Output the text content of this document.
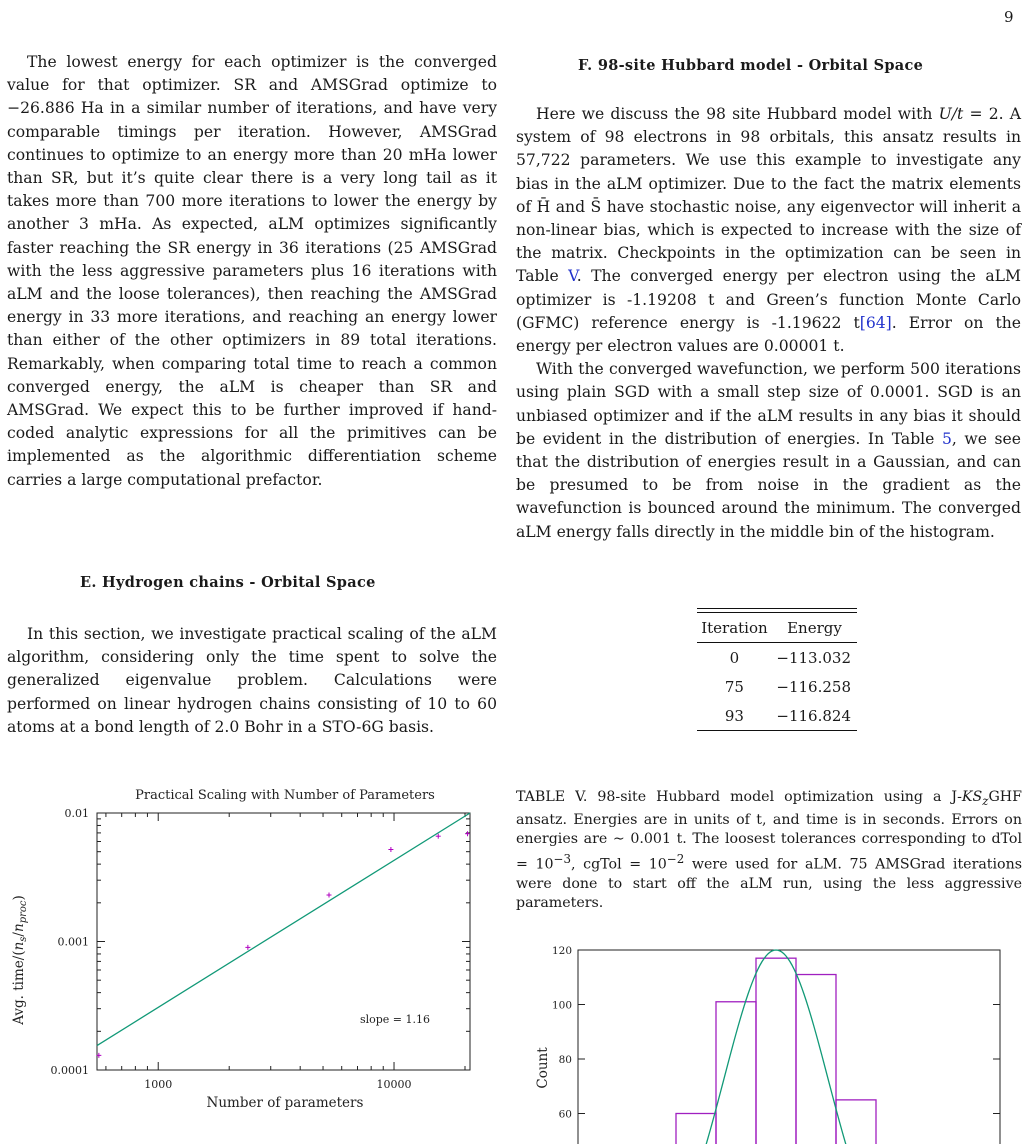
9

The lowest energy for each optimizer is the converged value for that optimizer. SR and AMSGrad optimize to −26.886 Ha in a similar number of iterations, and have very comparable timings per iteration. However, AMSGrad continues to optimize to an energy more than 20 mHa lower than SR, but it’s quite clear there is a very long tail as it takes more than 700 more iterations to lower the energy by another 3 mHa. As expected, aLM optimizes significantly faster reaching the SR energy in 36 iterations (25 AMSGrad with the less aggressive parameters plus 16 iterations with aLM and the loose tolerances), then reaching the AMSGrad energy in 33 more iterations, and reaching an energy lower than either of the other optimizers in 89 total iterations. Remarkably, when comparing total time to reach a common converged energy, the aLM is cheaper than SR and AMSGrad. We expect this to be further improved if hand-coded analytic expressions for all the primitives can be implemented as the algorithmic differentiation scheme carries a large computational prefactor.

E. Hydrogen chains - Orbital Space

In this section, we investigate practical scaling of the aLM algorithm, considering only the time spent to solve the generalized eigenvalue problem. Calculations were performed on linear hydrogen chains consisting of 10 to 60 atoms at a bond length of 2.0 Bohr in a STO-6G basis.

F. 98-site Hubbard model - Orbital Space

Here we discuss the 98 site Hubbard model with U/t = 2. A system of 98 electrons in 98 orbitals, this ansatz results in 57,722 parameters. We use this example to investigate any bias in the aLM optimizer. Due to the fact the matrix elements of H̄ and S̄ have stochastic noise, any eigenvector will inherit a non-linear bias, which is expected to increase with the size of the matrix. Checkpoints in the optimization can be seen in Table V. The converged energy per electron using the aLM optimizer is -1.19208 t and Green’s function Monte Carlo (GFMC) reference energy is -1.19622 t[64]. Error on the energy per electron values are 0.00001 t.

With the converged wavefunction, we perform 500 iterations using plain SGD with a small step size of 0.0001. SGD is an unbiased optimizer and if the aLM results in any bias it should be evident in the distribution of energies. In Table 5, we see that the distribution of energies result in a Gaussian, and can be presumed to be from noise in the gradient as the wavefunction is bounced around the minimum. The converged aLM energy falls directly in the middle bin of the histogram.

Iteration	Energy
0	−113.032
75	−116.258
93	−116.824
TABLE V. 98-site Hubbard model optimization using a $J-KS_zGHF$ ansatz. Energies are in units of t, and time is in seconds. Errors on energies are ∼ 0.001 t. The loosest tolerances corresponding to dTol = $10^{-3}$, cgTol = $10^{-2}$ were used for aLM. 75 AMSGrad iterations were done to start off the aLM run, using the less aggressive parameters.
Practical Scaling with Number of Parameters
Avg. time/$(n_s/n_{proc})$
Number of parameters
0.0001
0.001
0.01
1000	10000
slope = 1.16
Count
60
80
100
120
